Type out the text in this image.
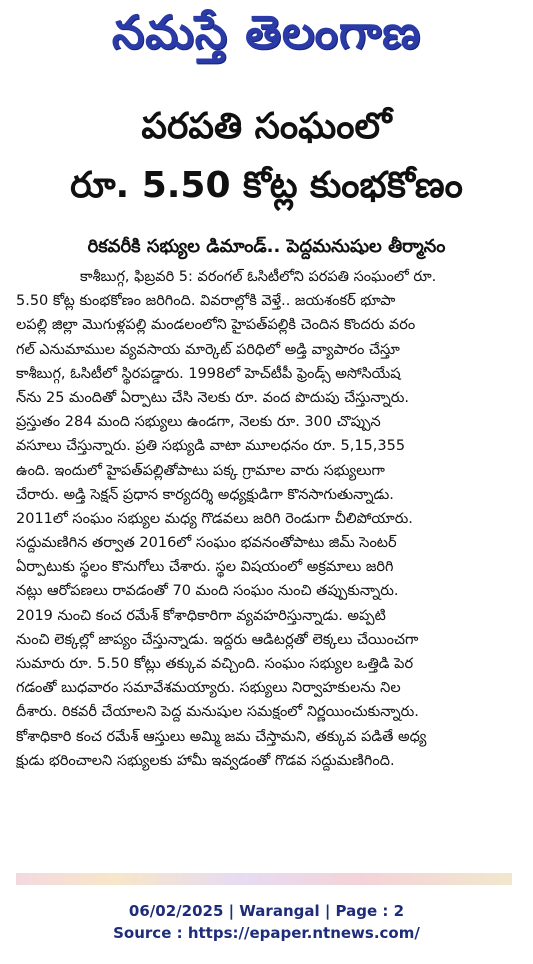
నమస్తే తెలంగాణ
పరపతి సంఘంలో
రూ. 5.50 కోట్ల కుంభకోణం
రికవరీకి సభ్యుల డిమాండ్.. పెద్దమనుషుల తీర్మానం
కాశీబుగ్గ, ఫిబ్రవరి 5: వరంగల్ ఓసిటీలోని పరపతి సంఘంలో రూ.
5.50 కోట్ల కుంభకోణం జరిగింది. వివరాల్లోకి వెళ్తే.. జయశంకర్ భూపా
లపల్లి జిల్లా మొగుళ్లపల్లి మండలంలోని హైపత్‌పల్లికి చెందిన కొందరు వరం
గల్ ఎనుమాముల వ్యవసాయ మార్కెట్ పరిధిలో అడ్తి వ్యాపారం చేస్తూ
కాశీబుగ్గ, ఓసిటీలో స్థిరపడ్డారు. 1998లో హెచ్‌టీపీ ఫ్రెండ్స్ అసోసియేష
న్‌ను 25 మందితో ఏర్పాటు చేసి నెలకు రూ. వంద పొదుపు చేస్తున్నారు.
ప్రస్తుతం 284 మంది సభ్యులు ఉండగా, నెలకు రూ. 300 చొప్పున
వసూలు చేస్తున్నారు. ప్రతి సభ్యుడి వాటా మూలధనం రూ. 5,15,355
ఉంది. ఇందులో హైపత్‌పల్లితోపాటు పక్క గ్రామాల వారు సభ్యులుగా
చేరారు. అడ్తి సెక్షన్ ప్రధాన కార్యదర్శి అధ్యక్షుడిగా కొనసాగుతున్నాడు.
2011లో సంఘం సభ్యుల మధ్య గొడవలు జరిగి రెండుగా చీలిపోయారు.
సద్దుమణిగిన తర్వాత 2016లో సంఘం భవనంతోపాటు జిమ్ సెంటర్
ఏర్పాటుకు స్థలం కొనుగోలు చేశారు. స్థల విషయంలో అక్రమాలు జరిగి
నట్లు ఆరోపణలు రావడంతో 70 మంది సంఘం నుంచి తప్పుకున్నారు.
2019 నుంచి కంచ రమేశ్ కోశాధికారిగా వ్యవహరిస్తున్నాడు. అప్పటి
నుంచి లెక్కల్లో జాప్యం చేస్తున్నాడు. ఇద్దరు ఆడిటర్లతో లెక్కలు చేయించగా
సుమారు రూ. 5.50 కోట్లు తక్కువ వచ్చింది. సంఘం సభ్యుల ఒత్తిడి పెర
గడంతో బుధవారం సమావేశమయ్యారు. సభ్యులు నిర్వాహకులను నిల
దీశారు. రికవరీ చేయాలని పెద్ద మనుషుల సమక్షంలో నిర్ణయించుకున్నారు.
కోశాధికారి కంచ రమేశ్ ఆస్తులు అమ్మి జమ చేస్తామని, తక్కువ పడితే అధ్య
క్షుడు భరించాలని సభ్యులకు హామీ ఇవ్వడంతో గొడవ సద్దుమణిగింది.
06/02/2025 | Warangal | Page : 2
Source : https://epaper.ntnews.com/
